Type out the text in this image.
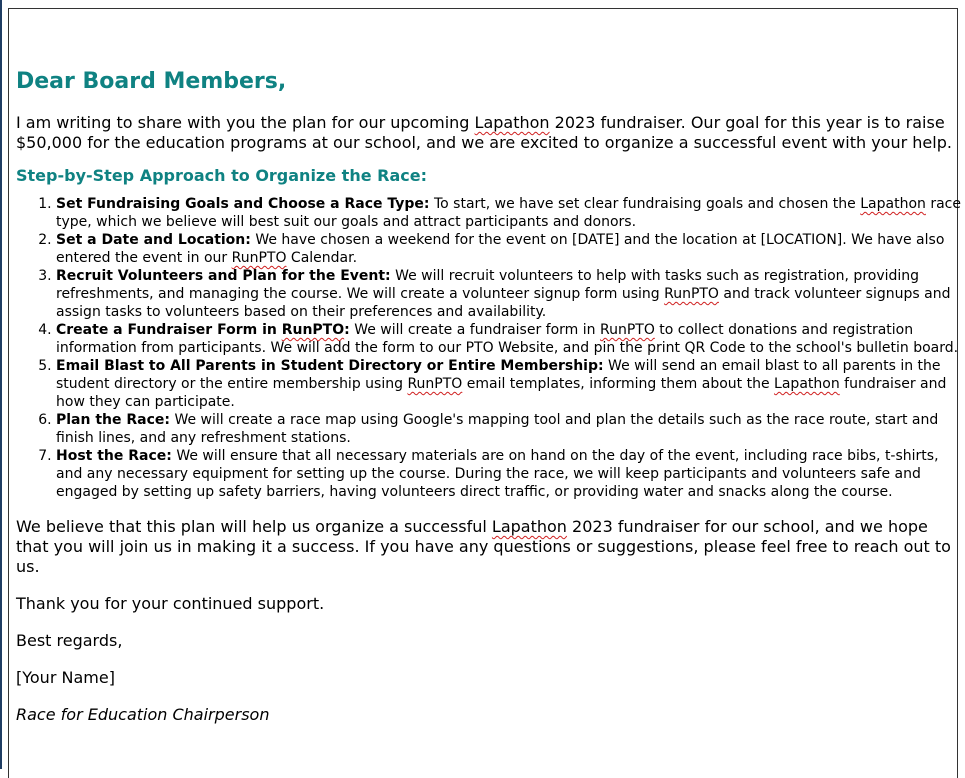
Dear Board Members,

I am writing to share with you the plan for our upcoming Lapathon 2023 fundraiser. Our goal for this year is to raise $50,000 for the education programs at our school, and we are excited to organize a successful event with your help.

Step-by-Step Approach to Organize the Race:
1. Set Fundraising Goals and Choose a Race Type: To start, we have set clear fundraising goals and chosen the Lapathon race type, which we believe will best suit our goals and attract participants and donors.
2. Set a Date and Location: We have chosen a weekend for the event on [DATE] and the location at [LOCATION]. We have also entered the event in our RunPTO Calendar.
3. Recruit Volunteers and Plan for the Event: We will recruit volunteers to help with tasks such as registration, providing refreshments, and managing the course. We will create a volunteer signup form using RunPTO and track volunteer signups and assign tasks to volunteers based on their preferences and availability.
4. Create a Fundraiser Form in RunPTO: We will create a fundraiser form in RunPTO to collect donations and registration information from participants. We will add the form to our PTO Website, and pin the print QR Code to the school's bulletin board.
5. Email Blast to All Parents in Student Directory or Entire Membership: We will send an email blast to all parents in the student directory or the entire membership using RunPTO email templates, informing them about the Lapathon fundraiser and how they can participate.
6. Plan the Race: We will create a race map using Google's mapping tool and plan the details such as the race route, start and finish lines, and any refreshment stations.
7. Host the Race: We will ensure that all necessary materials are on hand on the day of the event, including race bibs, t-shirts, and any necessary equipment for setting up the course. During the race, we will keep participants and volunteers safe and engaged by setting up safety barriers, having volunteers direct traffic, or providing water and snacks along the course.

We believe that this plan will help us organize a successful Lapathon 2023 fundraiser for our school, and we hope that you will join us in making it a success. If you have any questions or suggestions, please feel free to reach out to us.

Thank you for your continued support.

Best regards,

[Your Name]

Race for Education Chairperson
